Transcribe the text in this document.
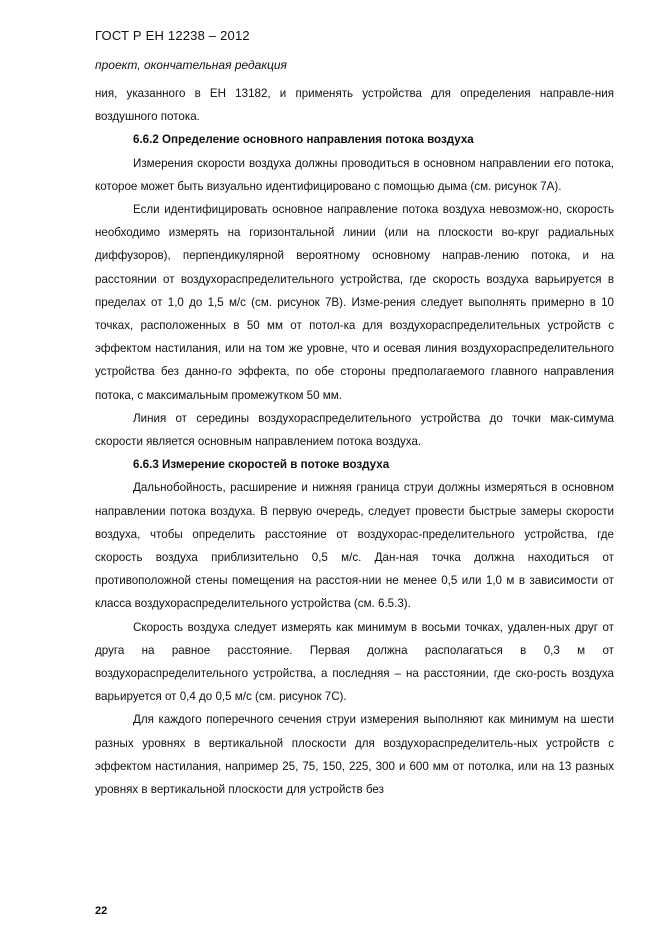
ГОСТ Р ЕН 12238 – 2012
проект, окончательная редакция

ния, указанного в ЕН 13182, и применять устройства для определения направле-ния воздушного потока.

6.6.2 Определение основного направления потока воздуха

Измерения скорости воздуха должны проводиться в основном направлении его потока, которое может быть визуально идентифицировано с помощью дыма (см. рисунок 7А).

Если идентифицировать основное направление потока воздуха невозмож-но, скорость необходимо измерять на горизонтальной линии (или на плоскости во-круг радиальных диффузоров), перпендикулярной вероятному основному направ-лению потока, и на расстоянии от воздухораспределительного устройства, где скорость воздуха варьируется в пределах от 1,0 до 1,5 м/с (см. рисунок 7В). Изме-рения следует выполнять примерно в 10 точках, расположенных в 50 мм от потол-ка для воздухораспределительных устройств с эффектом настилания, или на том же уровне, что и осевая линия воздухораспределительного устройства без данно-го эффекта, по обе стороны предполагаемого главного направления потока, с максимальным промежутком 50 мм.

Линия от середины воздухораспределительного устройства до точки мак-симума скорости является основным направлением потока воздуха.

6.6.3 Измерение скоростей в потоке воздуха

Дальнобойность, расширение и нижняя граница струи должны измеряться в основном направлении потока воздуха. В первую очередь, следует провести быстрые замеры скорости воздуха, чтобы определить расстояние от воздухорас-пределительного устройства, где скорость воздуха приблизительно 0,5 м/с. Дан-ная точка должна находиться от противоположной стены помещения на расстоя-нии не менее 0,5 или 1,0 м в зависимости от класса воздухораспределительного устройства (см. 6.5.3).

Скорость воздуха следует измерять как минимум в восьми точках, удален-ных друг от друга на равное расстояние. Первая должна располагаться в 0,3 м от воздухораспределительного устройства, а последняя – на расстоянии, где ско-рость воздуха варьируется от 0,4 до 0,5 м/с (см. рисунок 7С).

Для каждого поперечного сечения струи измерения выполняют как минимум на шести разных уровнях в вертикальной плоскости для воздухораспределитель-ных устройств с эффектом настилания, например 25, 75, 150, 225, 300 и 600 мм от потолка, или на 13 разных уровнях в вертикальной плоскости для устройств без

22
